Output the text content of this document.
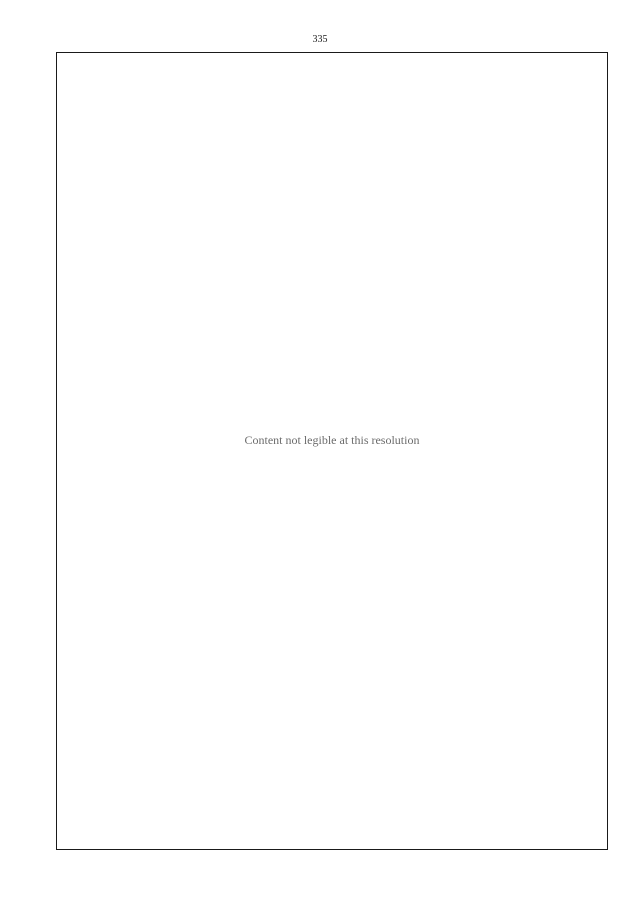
335
Content not legible at this resolution
